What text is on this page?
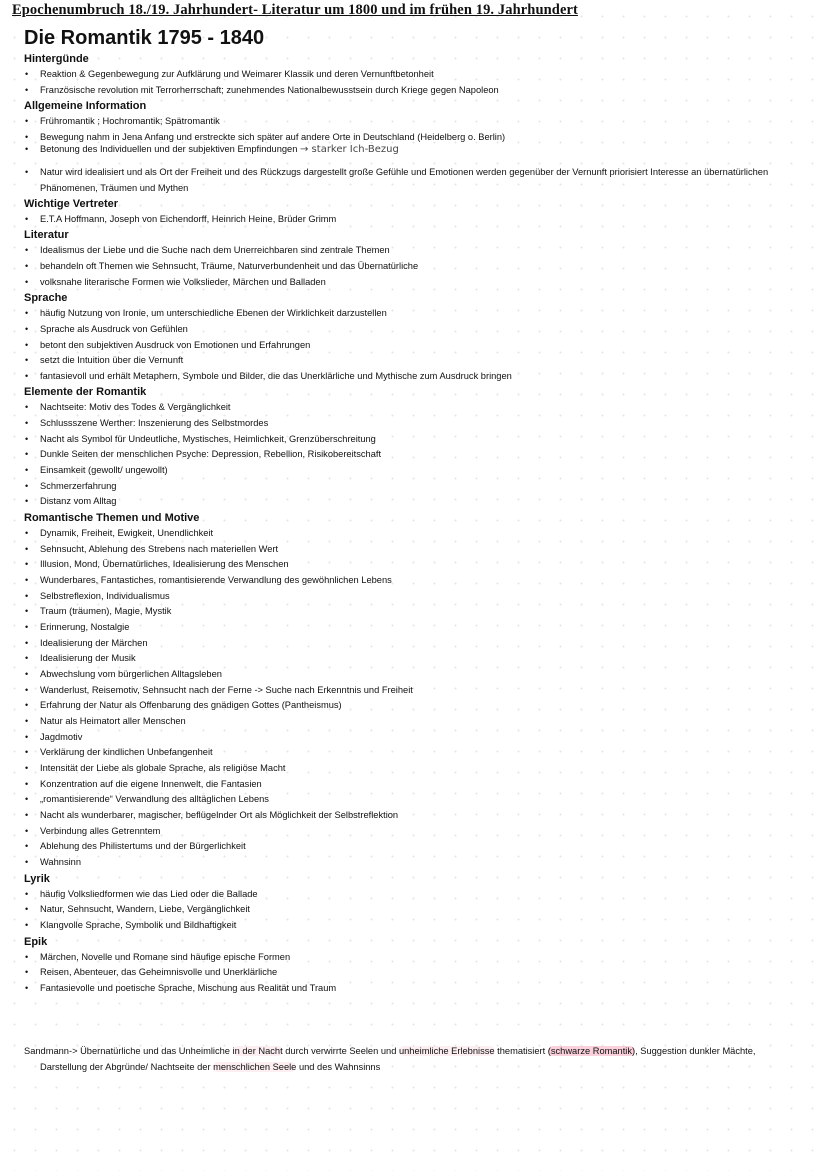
Epochenumbruch 18./19. Jahrhundert- Literatur um 1800 und im frühen 19. Jahrhundert
Die Romantik 1795 - 1840
Hintergünde
• Reaktion & Gegenbewegung zur Aufklärung und Weimarer Klassik und deren Vernunftbetonheit
• Französische revolution mit Terrorherrschaft; zunehmendes Nationalbewusstsein durch Kriege gegen Napoleon
Allgemeine Information
• Frühromantik ; Hochromantik; Spätromantik
• Bewegung nahm in Jena Anfang und erstreckte sich später auf andere Orte in Deutschland (Heidelberg o. Berlin)
• Betonung des Individuellen und der subjektiven Empfindungen → starker Ich-Bezug
• Natur wird idealisiert und als Ort der Freiheit und des Rückzugs dargestellt große Gefühle und Emotionen werden gegenüber der Vernunft priorisiert Interesse an übernatürlichen Phänomenen, Träumen und Mythen
Wichtige Vertreter
• E.T.A Hoffmann, Joseph von Eichendorff, Heinrich Heine, Brüder Grimm
Literatur
• Idealismus der Liebe und die Suche nach dem Unerreichbaren sind zentrale Themen
• behandeln oft Themen wie Sehnsucht, Träume, Naturverbundenheit und das Übernatürliche
• volksnahe literarische Formen wie Volkslieder, Märchen und Balladen
Sprache
• häufig Nutzung von Ironie, um unterschiedliche Ebenen der Wirklichkeit darzustellen
• Sprache als Ausdruck von Gefühlen
• betont den subjektiven Ausdruck von Emotionen und Erfahrungen
• setzt die Intuition über die Vernunft
• fantasievoll und erhält Metaphern, Symbole und Bilder, die das Unerklärliche und Mythische zum Ausdruck bringen
Elemente der Romantik
• Nachtseite: Motiv des Todes & Vergänglichkeit
• Schlussszene Werther: Inszenierung des Selbstmordes
• Nacht als Symbol für Undeutliche, Mystisches, Heimlichkeit, Grenzüberschreitung
• Dunkle Seiten der menschlichen Psyche: Depression, Rebellion, Risikobereitschaft
• Einsamkeit (gewollt/ ungewollt)
• Schmerzerfahrung
• Distanz vom Alltag
Romantische Themen und Motive
• Dynamik, Freiheit, Ewigkeit, Unendlichkeit
• Sehnsucht, Ablehung des Strebens nach materiellen Wert
• Illusion, Mond, Übernatürliches, Idealisierung des Menschen
• Wunderbares, Fantastiches, romantisierende Verwandlung des gewöhnlichen Lebens
• Selbstreflexion, Individualismus
• Traum (träumen), Magie, Mystik
• Erinnerung, Nostalgie
• Idealisierung der Märchen
• Idealisierung der Musik
• Abwechslung vom bürgerlichen Alltagsleben
• Wanderlust, Reisemotiv, Sehnsucht nach der Ferne -> Suche nach Erkenntnis und Freiheit
• Erfahrung der Natur als Offenbarung des gnädigen Gottes (Pantheismus)
• Natur als Heimatort aller Menschen
• Jagdmotiv
• Verklärung der kindlichen Unbefangenheit
• Intensität der Liebe als globale Sprache, als religiöse Macht
• Konzentration auf die eigene Innenwelt, die Fantasien
• „romantisierende“ Verwandlung des alltäglichen Lebens
• Nacht als wunderbarer, magischer, beflügelnder Ort als Möglichkeit der Selbstreflektion
• Verbindung alles Getrenntem
• Ablehung des Philistertums und der Bürgerlichkeit
• Wahnsinn
Lyrik
• häufig Volksliedformen wie das Lied oder die Ballade
• Natur, Sehnsucht, Wandern, Liebe, Vergänglichkeit
• Klangvolle Sprache, Symbolik und Bildhaftigkeit
Epik
• Märchen, Novelle und Romane sind häufige epische Formen
• Reisen, Abenteuer, das Geheimnisvolle und Unerklärliche
• Fantasievolle und poetische Sprache, Mischung aus Realität und Traum
Sandmann-> Übernatürliche und das Unheimliche in der Nacht durch verwirrte Seelen und unheimliche Erlebnisse thematisiert (schwarze Romantik), Suggestion dunkler Mächte,
Darstellung der Abgründe/ Nachtseite der menschlichen Seele und des Wahnsinns
